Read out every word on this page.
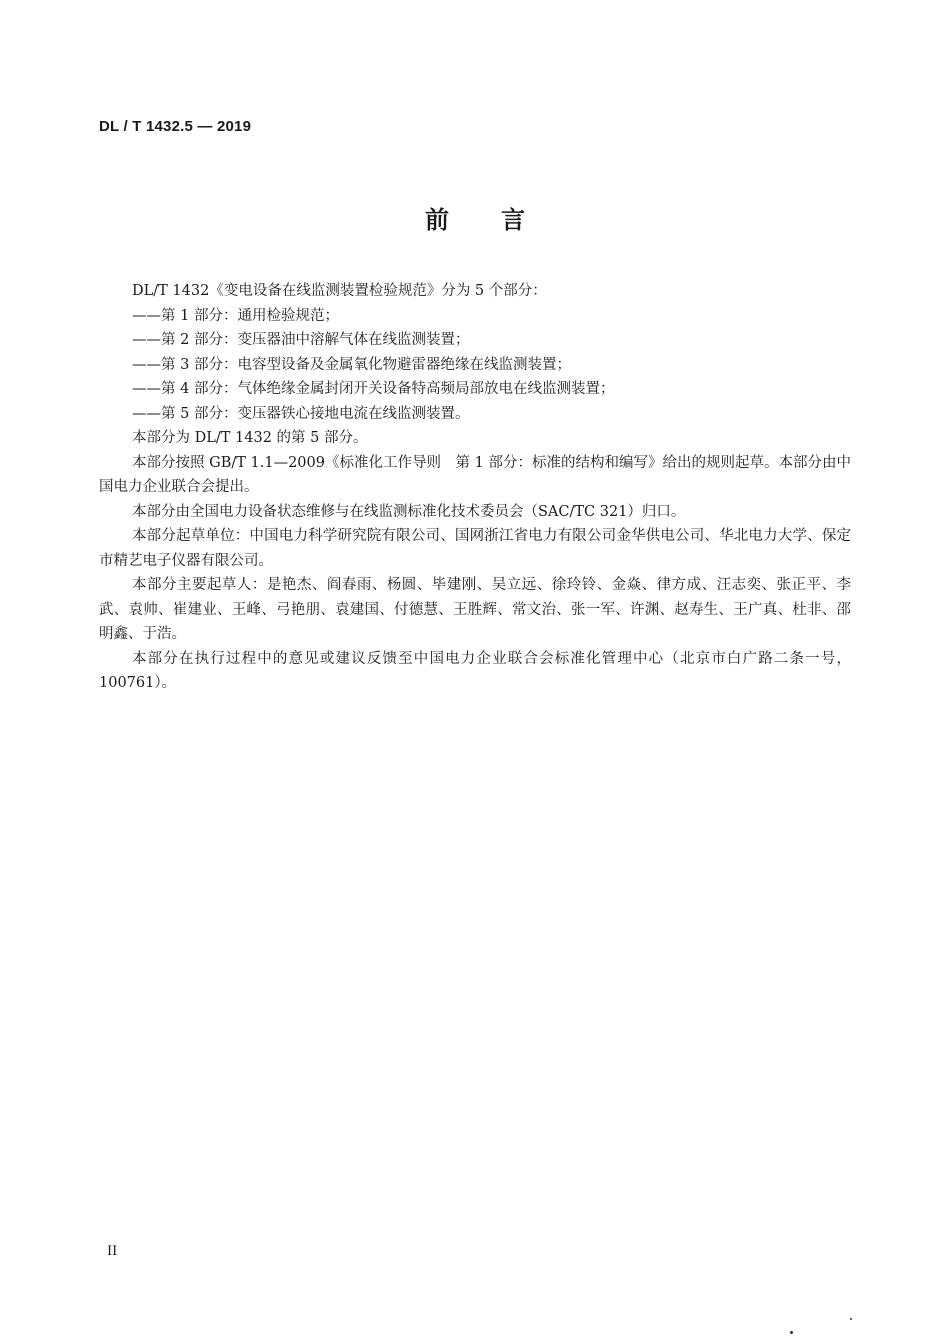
DL / T 1432.5 — 2019
前言

DL/T 1432《变电设备在线监测装置检验规范》分为 5 个部分：

——第 1 部分：通用检验规范；

——第 2 部分：变压器油中溶解气体在线监测装置；

——第 3 部分：电容型设备及金属氧化物避雷器绝缘在线监测装置；

——第 4 部分：气体绝缘金属封闭开关设备特高频局部放电在线监测装置；

——第 5 部分：变压器铁心接地电流在线监测装置。

本部分为 DL/T 1432 的第 5 部分。

本部分按照 GB/T 1.1—2009《标准化工作导则　第 1 部分：标准的结构和编写》给出的规则起草。本部分由中国电力企业联合会提出。

本部分由全国电力设备状态维修与在线监测标准化技术委员会（SAC/TC 321）归口。

本部分起草单位：中国电力科学研究院有限公司、国网浙江省电力有限公司金华供电公司、华北电力大学、保定市精艺电子仪器有限公司。

本部分主要起草人：是艳杰、阎春雨、杨圆、毕建刚、吴立远、徐玲铃、金焱、律方成、汪志奕、张正平、李武、袁帅、崔建业、王峰、弓艳朋、袁建国、付德慧、王胜辉、常文治、张一军、许渊、赵寿生、王广真、杜非、邵明鑫、于浩。

本部分在执行过程中的意见或建议反馈至中国电力企业联合会标准化管理中心（北京市白广路二条一号，100761）。

II
